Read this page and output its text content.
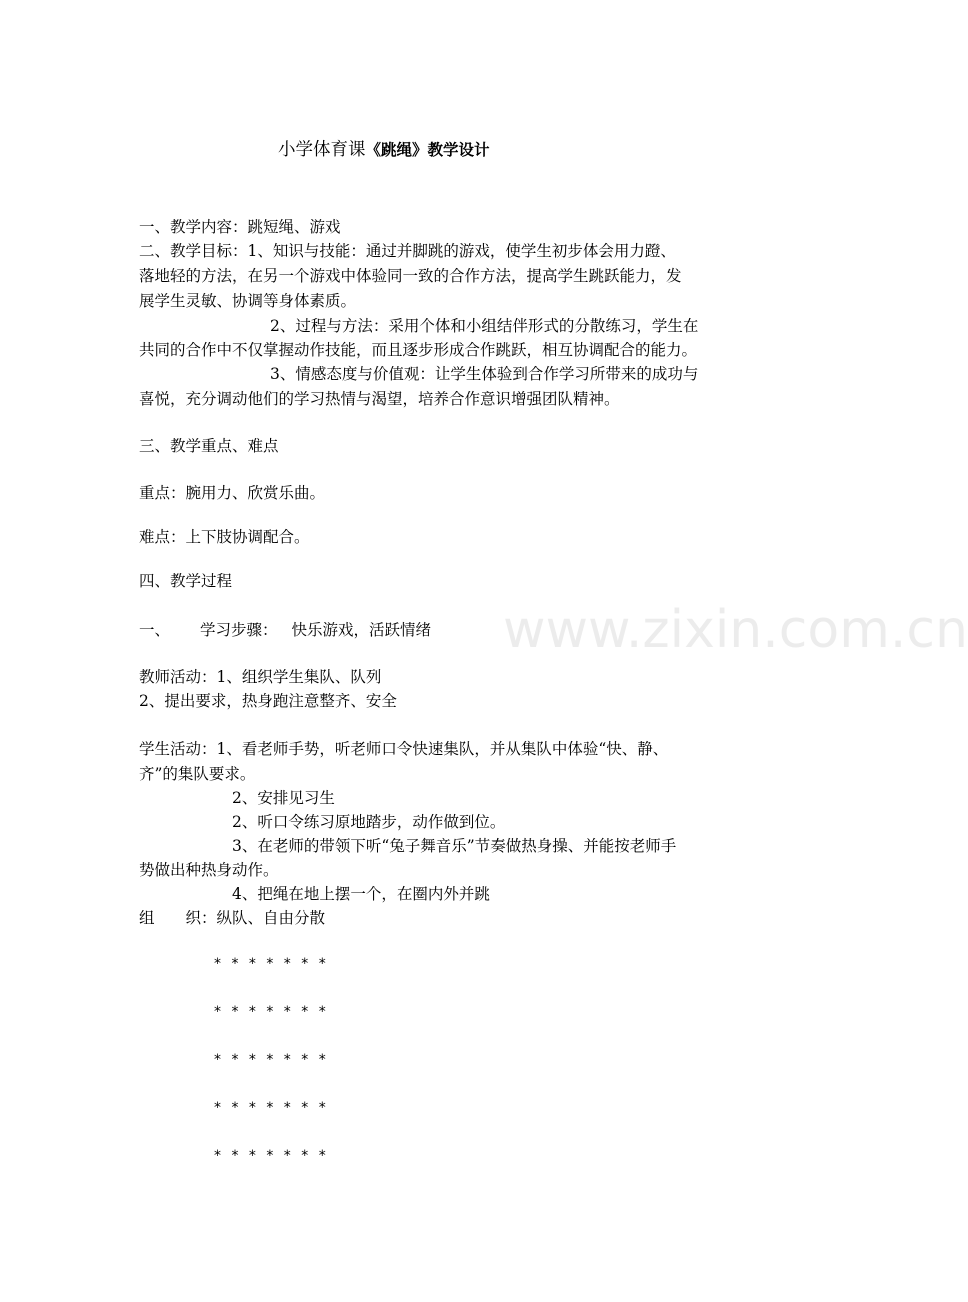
www.zixin.com.cn
小学体育课《跳绳》教学设计
一、教学内容：跳短绳、游戏
二、教学目标：1、知识与技能：通过并脚跳的游戏，使学生初步体会用力蹬、
落地轻的方法，在另一个游戏中体验同一致的合作方法，提高学生跳跃能力，发
展学生灵敏、协调等身体素质。
2、过程与方法：采用个体和小组结伴形式的分散练习，学生在
共同的合作中不仅掌握动作技能，而且逐步形成合作跳跃，相互协调配合的能力。
3、情感态度与价值观：让学生体验到合作学习所带来的成功与
喜悦，充分调动他们的学习热情与渴望，培养合作意识增强团队精神。
三、教学重点、难点
重点：腕用力、欣赏乐曲。
难点：上下肢协调配合。
四、教学过程
一、 学习步骤： 快乐游戏，活跃情绪
教师活动：1、组织学生集队、队列
2、提出要求，热身跑注意整齐、安全
学生活动：1、看老师手势，听老师口令快速集队，并从集队中体验“快、静、
齐”的集队要求。
2、安排见习生
2、听口令练习原地踏步，动作做到位。
3、在老师的带领下听“兔子舞音乐”节奏做热身操、并能按老师手
势做出种热身动作。
4、把绳在地上摆一个，在圈内外并跳
组　　织：纵队、自由分散
* * * * * * *
* * * * * * *
* * * * * * *
* * * * * * *
* * * * * * *
